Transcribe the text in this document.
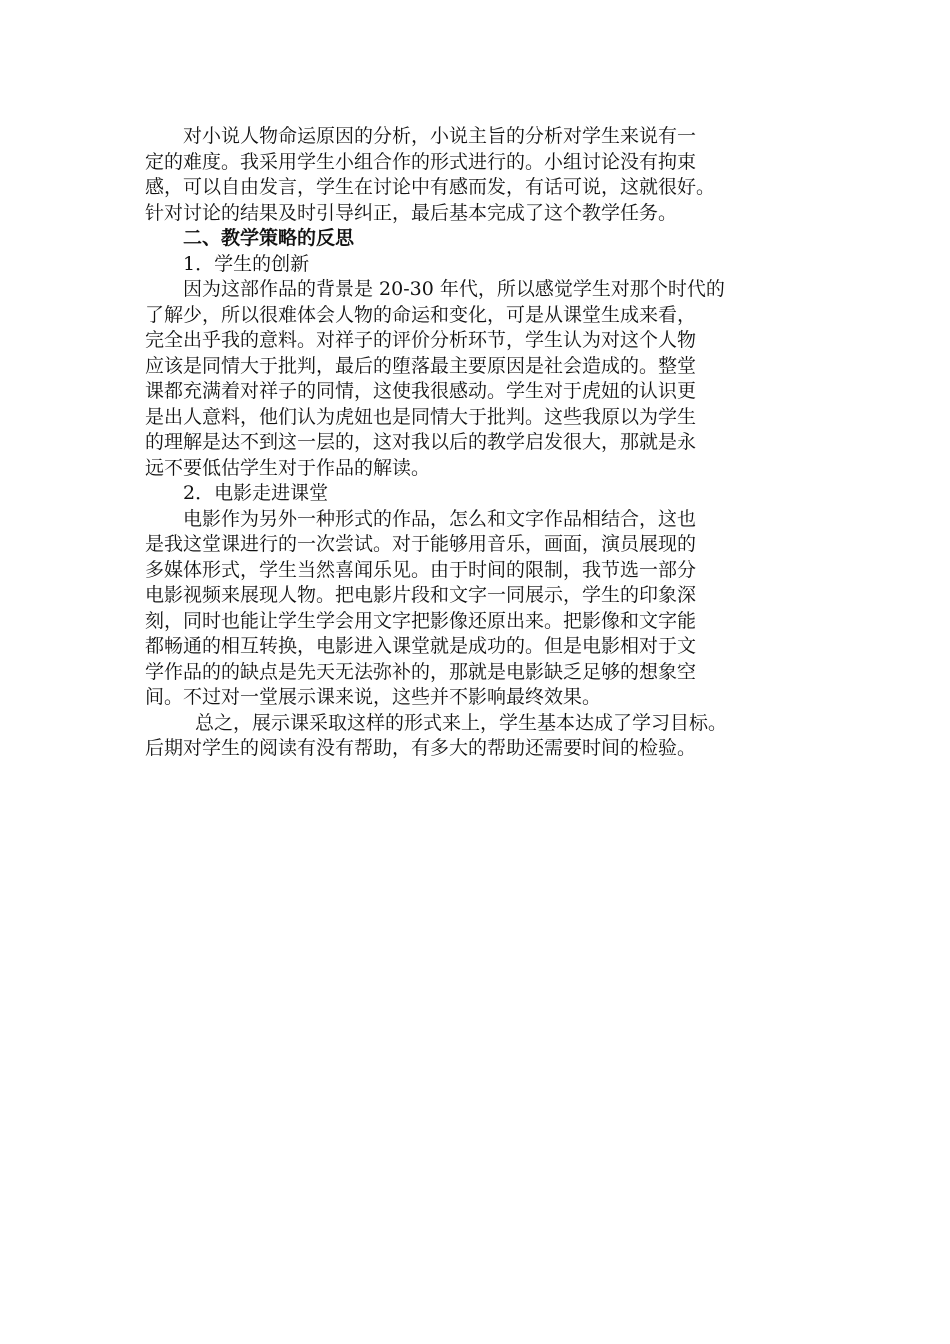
对小说人物命运原因的分析，小说主旨的分析对学生来说有一
定的难度。我采用学生小组合作的形式进行的。小组讨论没有拘束
感，可以自由发言，学生在讨论中有感而发，有话可说，这就很好。
针对讨论的结果及时引导纠正，最后基本完成了这个教学任务。
二、教学策略的反思
1．学生的创新
因为这部作品的背景是 20-30 年代，所以感觉学生对那个时代的
了解少，所以很难体会人物的命运和变化，可是从课堂生成来看，
完全出乎我的意料。对祥子的评价分析环节，学生认为对这个人物
应该是同情大于批判，最后的堕落最主要原因是社会造成的。整堂
课都充满着对祥子的同情，这使我很感动。学生对于虎妞的认识更
是出人意料，他们认为虎妞也是同情大于批判。这些我原以为学生
的理解是达不到这一层的，这对我以后的教学启发很大，那就是永
远不要低估学生对于作品的解读。
2．电影走进课堂
电影作为另外一种形式的作品，怎么和文字作品相结合，这也
是我这堂课进行的一次尝试。对于能够用音乐，画面，演员展现的
多媒体形式，学生当然喜闻乐见。由于时间的限制，我节选一部分
电影视频来展现人物。把电影片段和文字一同展示，学生的印象深
刻，同时也能让学生学会用文字把影像还原出来。把影像和文字能
都畅通的相互转换，电影进入课堂就是成功的。但是电影相对于文
学作品的的缺点是先天无法弥补的，那就是电影缺乏足够的想象空
间。不过对一堂展示课来说，这些并不影响最终效果。
总之，展示课采取这样的形式来上，学生基本达成了学习目标。
后期对学生的阅读有没有帮助，有多大的帮助还需要时间的检验。
